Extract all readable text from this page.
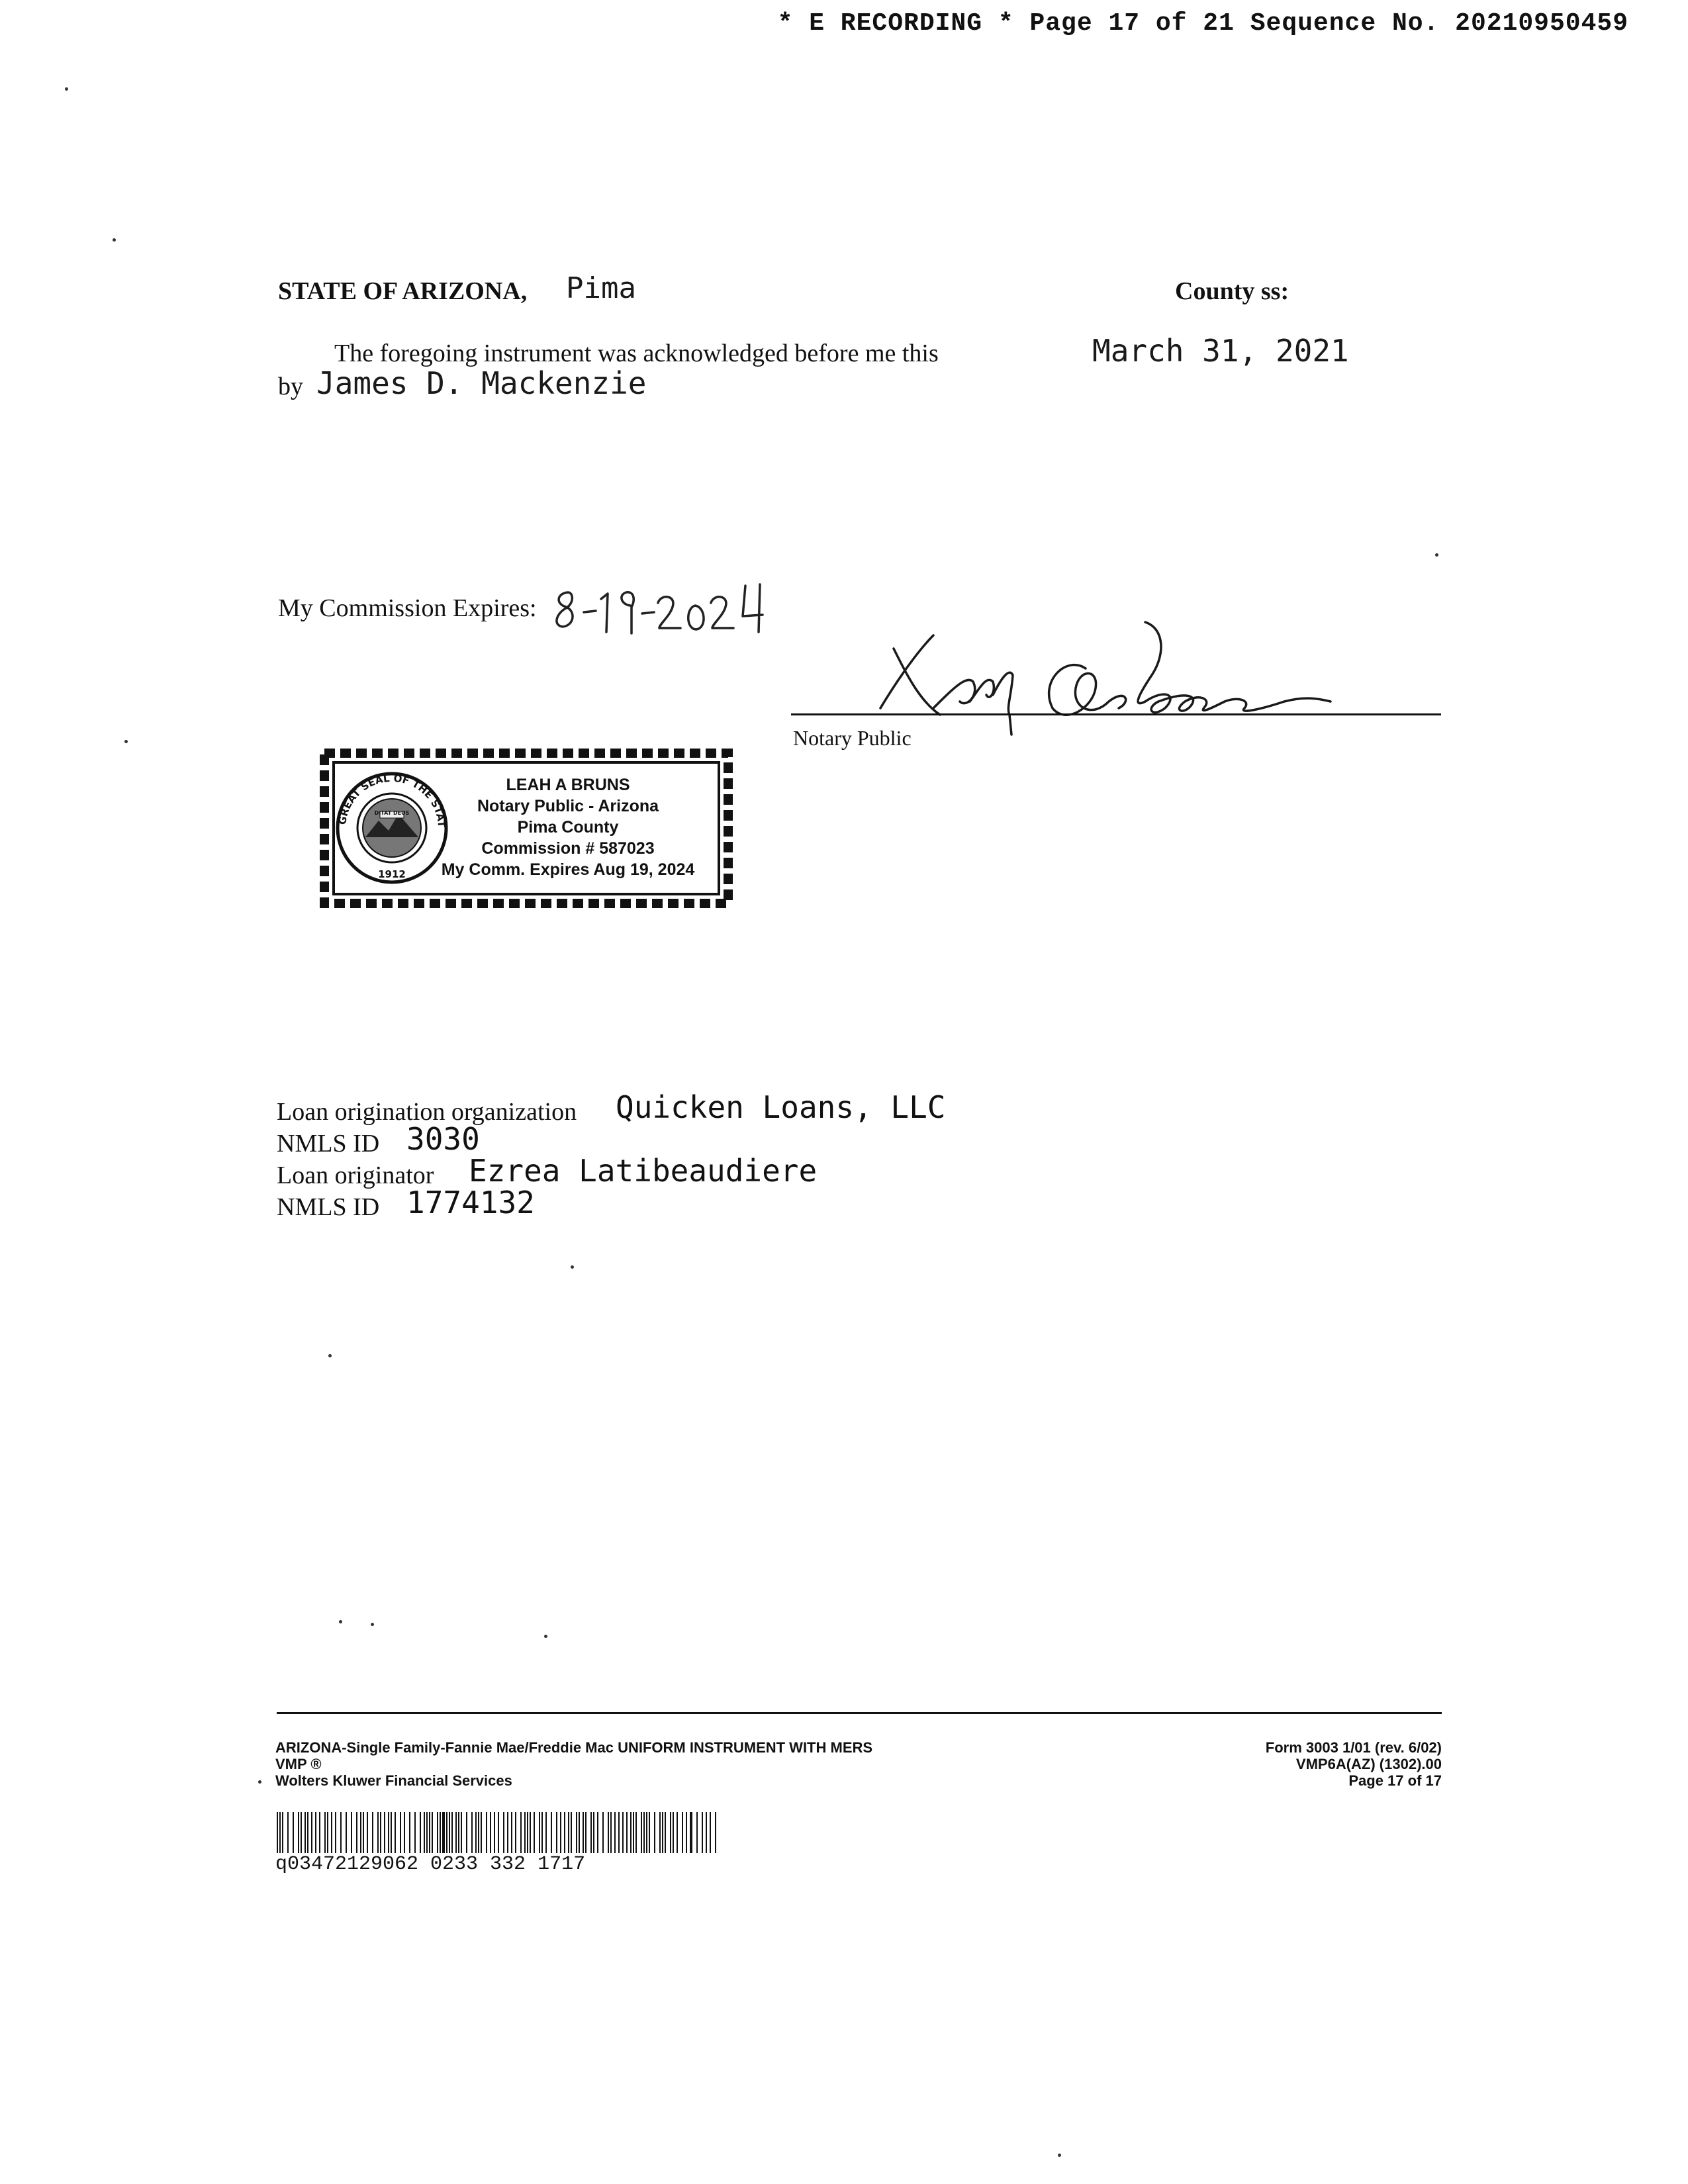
* E RECORDING * Page 17 of 21 Sequence No. 20210950459
STATE OF ARIZONA, Pima	County ss:
The foregoing instrument was acknowledged before me this	March 31, 2021
by James D. Mackenzie
My Commission Expires:
Notary Public
GREAT SEAL OF THE STAT
DITAT DEUS
1912
LEAH A BRUNS
Notary Public - Arizona
Pima County
Commission # 587023
My Comm. Expires Aug 19, 2024
Loan origination organization Quicken Loans, LLC
NMLS ID 3030
Loan originator Ezrea Latibeaudiere
NMLS ID 1774132
ARIZONA-Single Family-Fannie Mae/Freddie Mac UNIFORM INSTRUMENT WITH MERS
VMP ®
Wolters Kluwer Financial Services
Form 3003 1/01 (rev. 6/02)
VMP6A(AZ) (1302).00
Page 17 of 17
q03472129062 0233 332 1717
